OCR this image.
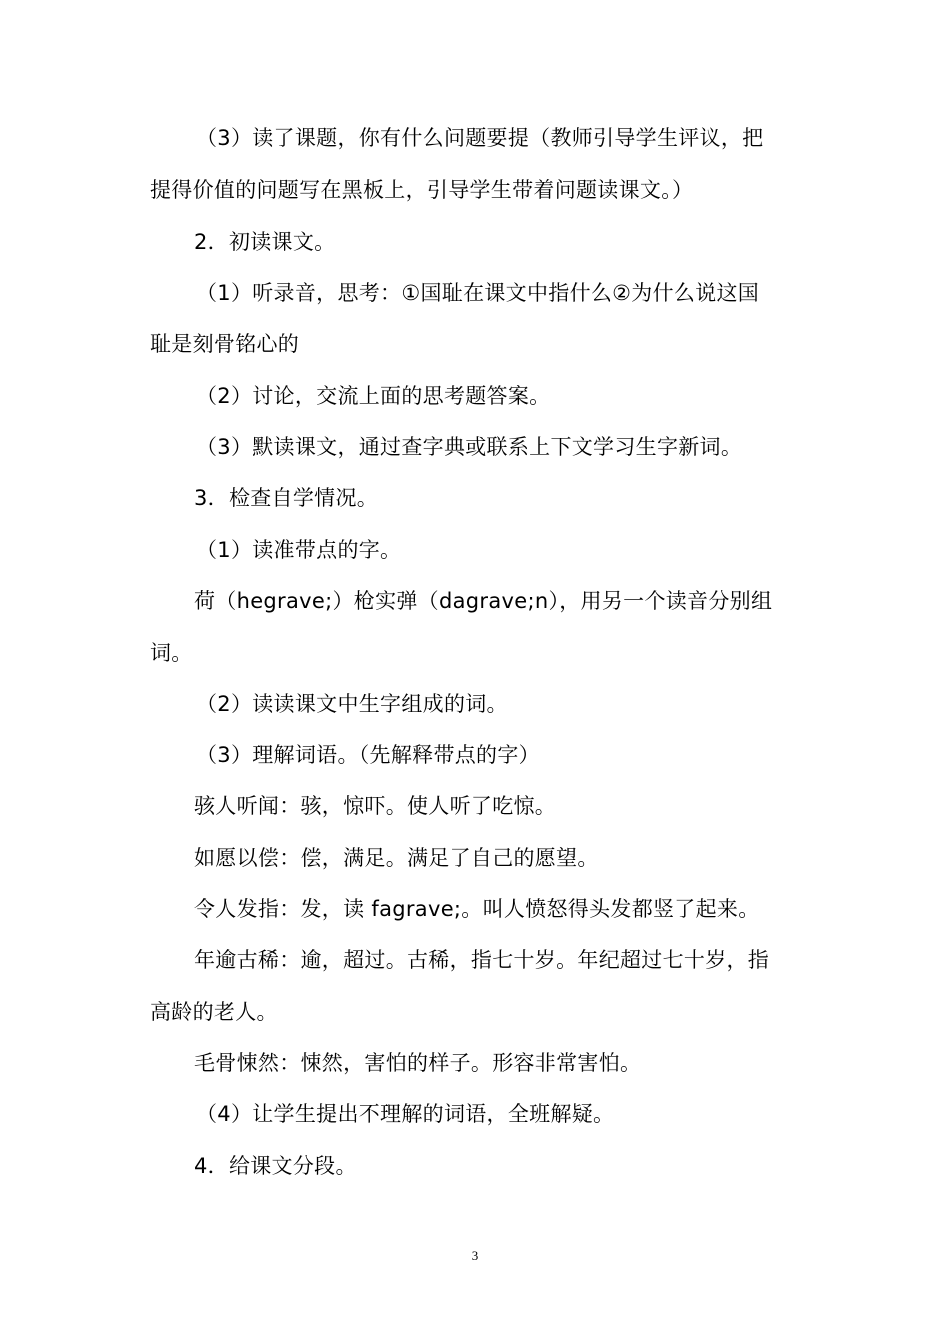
（3）读了课题，你有什么问题要提（教师引导学生评议，把
提得价值的问题写在黑板上，引导学生带着问题读课文。）
2．初读课文。
（1）听录音，思考：①国耻在课文中指什么②为什么说这国
耻是刻骨铭心的
（2）讨论，交流上面的思考题答案。
（3）默读课文，通过查字典或联系上下文学习生字新词。
3．检查自学情况。
（1）读准带点的字。
荷（hegrave;）枪实弹（dagrave;n），用另一个读音分别组
词。
（2）读读课文中生字组成的词。
（3）理解词语。（先解释带点的字）
骇人听闻：骇，惊吓。使人听了吃惊。
如愿以偿：偿，满足。满足了自己的愿望。
令人发指：发，读 fagrave;。叫人愤怒得头发都竖了起来。
年逾古稀：逾，超过。古稀，指七十岁。年纪超过七十岁，指
高龄的老人。
毛骨悚然：悚然，害怕的样子。形容非常害怕。
（4）让学生提出不理解的词语，全班解疑。
4．给课文分段。
3
